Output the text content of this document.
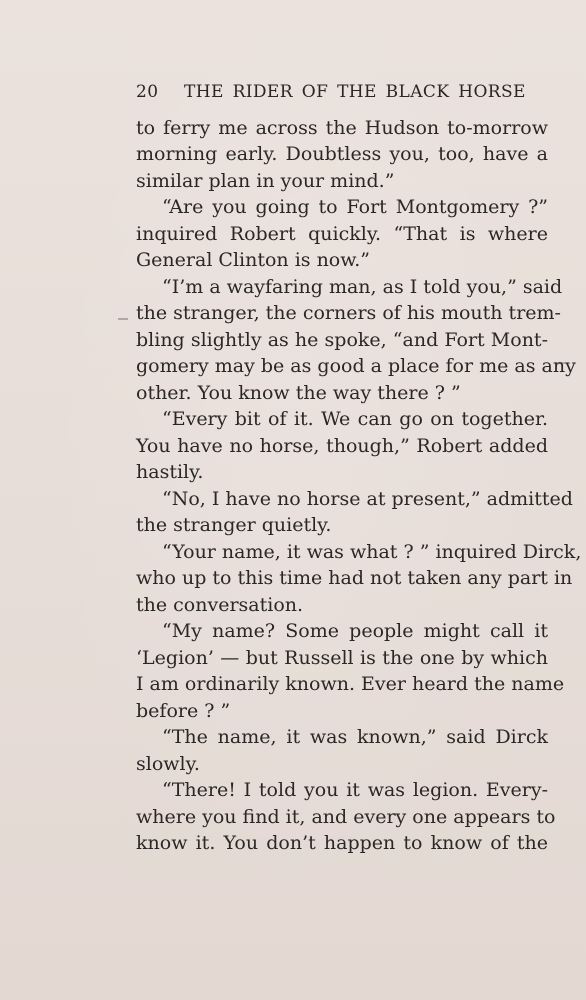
20 THE RIDER OF THE BLACK HORSE
to ferry me across the Hudson to-morrow
morning early. Doubtless you, too, have a
similar plan in your mind.”
“Are you going to Fort Montgomery ?”
inquired Robert quickly. “That is where
General Clinton is now.”
“I’m a wayfaring man, as I told you,” said
the stranger, the corners of his mouth trem-
bling slightly as he spoke, “and Fort Mont-
gomery may be as good a place for me as any
other. You know the way there ? ”
“Every bit of it. We can go on together.
You have no horse, though,” Robert added
hastily.
“No, I have no horse at present,” admitted
the stranger quietly.
“Your name, it was what ? ” inquired Dirck,
who up to this time had not taken any part in
the conversation.
“My name? Some people might call it
‘Legion’ — but Russell is the one by which
I am ordinarily known. Ever heard the name
before ? ”
“The name, it was known,” said Dirck
slowly.
“There! I told you it was legion. Every-
where you find it, and every one appears to
know it. You don’t happen to know of the
